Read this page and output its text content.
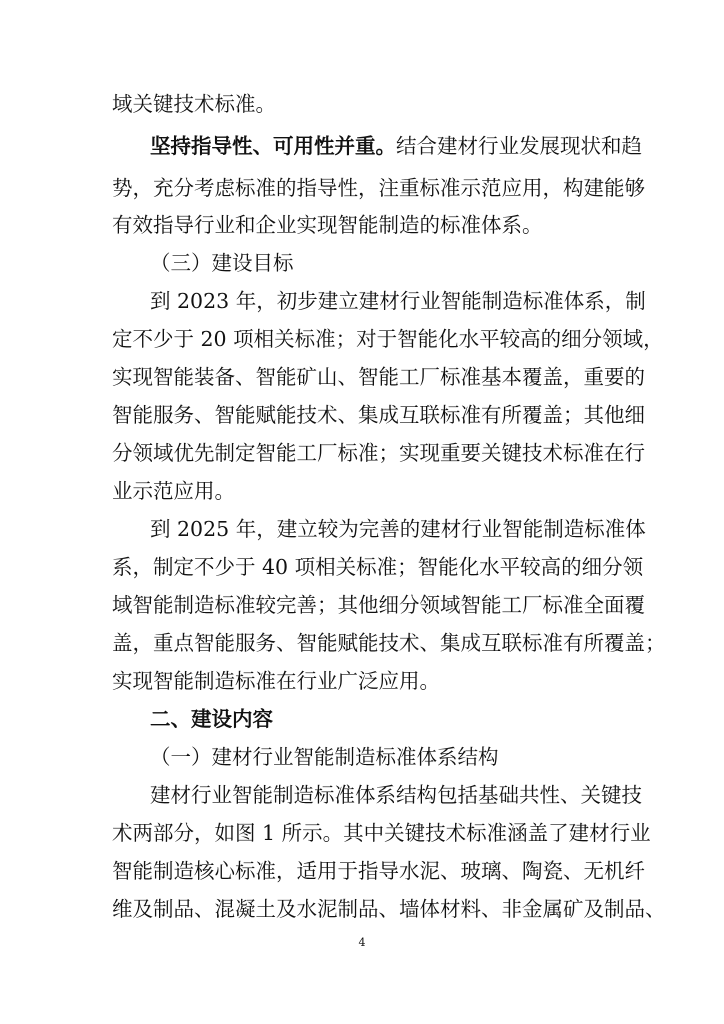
域关键技术标准。
坚持指导性、可用性并重。结合建材行业发展现状和趋
势，充分考虑标准的指导性，注重标准示范应用，构建能够
有效指导行业和企业实现智能制造的标准体系。
（三）建设目标
到 2023 年，初步建立建材行业智能制造标准体系，制
定不少于 20 项相关标准；对于智能化水平较高的细分领域，
实现智能装备、智能矿山、智能工厂标准基本覆盖，重要的
智能服务、智能赋能技术、集成互联标准有所覆盖；其他细
分领域优先制定智能工厂标准；实现重要关键技术标准在行
业示范应用。
到 2025 年，建立较为完善的建材行业智能制造标准体
系，制定不少于 40 项相关标准；智能化水平较高的细分领
域智能制造标准较完善；其他细分领域智能工厂标准全面覆
盖，重点智能服务、智能赋能技术、集成互联标准有所覆盖；
实现智能制造标准在行业广泛应用。
二、建设内容
（一）建材行业智能制造标准体系结构
建材行业智能制造标准体系结构包括基础共性、关键技
术两部分，如图 1 所示。其中关键技术标准涵盖了建材行业
智能制造核心标准，适用于指导水泥、玻璃、陶瓷、无机纤
维及制品、混凝土及水泥制品、墙体材料、非金属矿及制品、
4
